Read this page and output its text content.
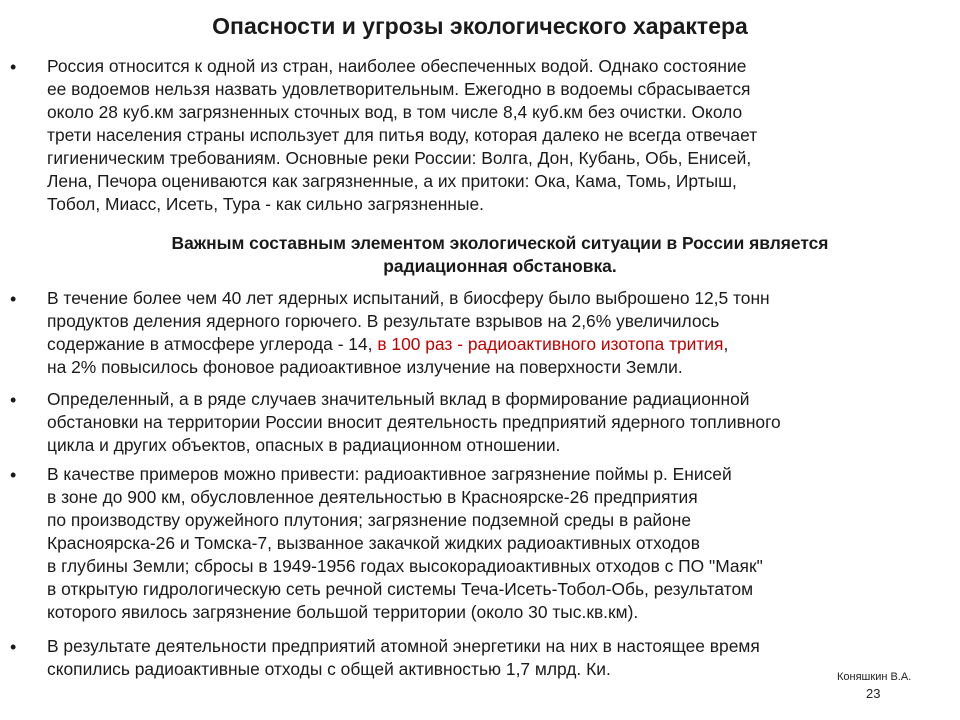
Опасности и угрозы экологического характера
• Россия относится к одной из стран, наиболее обеспеченных водой. Однако состояние
ее водоемов нельзя назвать удовлетворительным. Ежегодно в водоемы сбрасывается
около 28 куб.км загрязненных сточных вод, в том числе 8,4 куб.км без очистки. Около
трети населения страны использует для питья воду, которая далеко не всегда отвечает
гигиеническим требованиям. Основные реки России: Волга, Дон, Кубань, Обь, Енисей,
Лена, Печора оцениваются как загрязненные, а их притоки: Ока, Кама, Томь, Иртыш,
Тобол, Миасс, Исеть, Тура - как сильно загрязненные.

Важным составным элементом экологической ситуации в России является
радиационная обстановка.

• В течение более чем 40 лет ядерных испытаний, в биосферу было выброшено 12,5 тонн
продуктов деления ядерного горючего. В результате взрывов на 2,6% увеличилось
содержание в атмосфере углерода - 14, в 100 раз - радиоактивного изотопа трития,
на 2% повысилось фоновое радиоактивное излучение на поверхности Земли.

• Определенный, а в ряде случаев значительный вклад в формирование радиационной
обстановки на территории России вносит деятельность предприятий ядерного топливного
цикла и других объектов, опасных в радиационном отношении.

• В качестве примеров можно привести: радиоактивное загрязнение поймы р. Енисей
в зоне до 900 км, обусловленное деятельностью в Красноярске-26 предприятия
по производству оружейного плутония; загрязнение подземной среды в районе
Красноярска-26 и Томска-7, вызванное закачкой жидких радиоактивных отходов
в глубины Земли; сбросы в 1949-1956 годах высокорадиоактивных отходов с ПО "Маяк"
в открытую гидрологическую сеть речной системы Теча-Исеть-Тобол-Обь, результатом
которого явилось загрязнение большой территории (около 30 тыс.кв.км).

• В результате деятельности предприятий атомной энергетики на них в настоящее время
скопились радиоактивные отходы с общей активностью 1,7 млрд. Ки.	Коняшкин В.А.
23
